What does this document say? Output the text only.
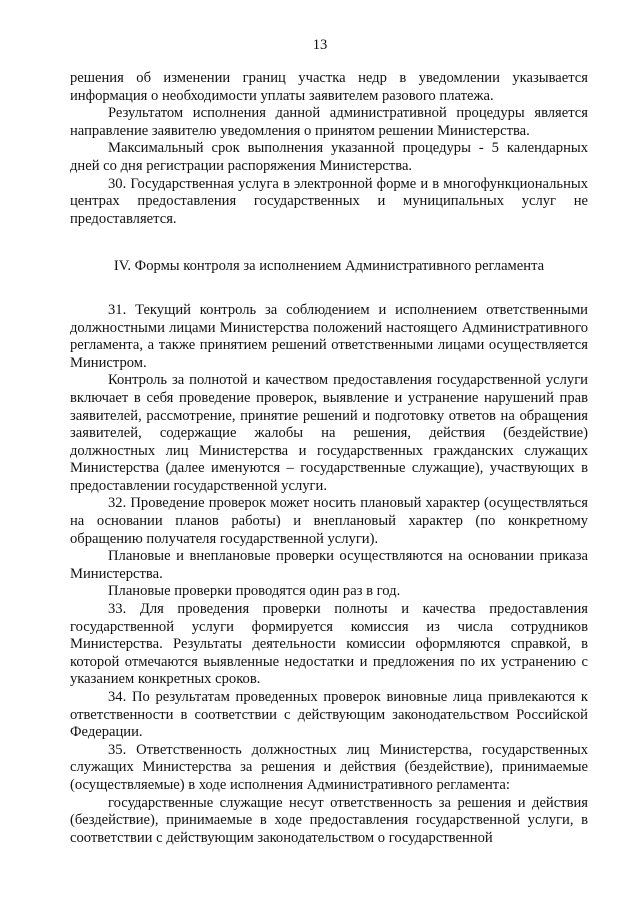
13

решения об изменении границ участка недр в уведомлении указывается информация о необходимости уплаты заявителем разового платежа.

Результатом исполнения данной административной процедуры является направление заявителю уведомления о принятом решении Министерства.

Максимальный срок выполнения указанной процедуры - 5 календарных дней со дня регистрации распоряжения Министерства.

30. Государственная услуга в электронной форме и в многофункциональных центрах предоставления государственных и муниципальных услуг не предоставляется.

IV. Формы контроля за исполнением Административного регламента

31. Текущий контроль за соблюдением и исполнением ответственными должностными лицами Министерства положений настоящего Административного регламента, а также принятием решений ответственными лицами осуществляется Министром.

Контроль за полнотой и качеством предоставления государственной услуги включает в себя проведение проверок, выявление и устранение нарушений прав заявителей, рассмотрение, принятие решений и подготовку ответов на обращения заявителей, содержащие жалобы на решения, действия (бездействие) должностных лиц Министерства и государственных гражданских служащих Министерства (далее именуются – государственные служащие), участвующих в предоставлении государственной услуги.

32. Проведение проверок может носить плановый характер (осуществляться на основании планов работы) и внеплановый характер (по конкретному обращению получателя государственной услуги).

Плановые и внеплановые проверки осуществляются на основании приказа Министерства.

Плановые проверки проводятся один раз в год.

33. Для проведения проверки полноты и качества предоставления государственной услуги формируется комиссия из числа сотрудников Министерства. Результаты деятельности комиссии оформляются справкой, в которой отмечаются выявленные недостатки и предложения по их устранению с указанием конкретных сроков.

34. По результатам проведенных проверок виновные лица привлекаются к ответственности в соответствии с действующим законодательством Российской Федерации.

35. Ответственность должностных лиц Министерства, государственных служащих Министерства за решения и действия (бездействие), принимаемые (осуществляемые) в ходе исполнения Административного регламента:

государственные служащие несут ответственность за решения и действия (бездействие), принимаемые в ходе предоставления государственной услуги, в соответствии с действующим законодательством о государственной
